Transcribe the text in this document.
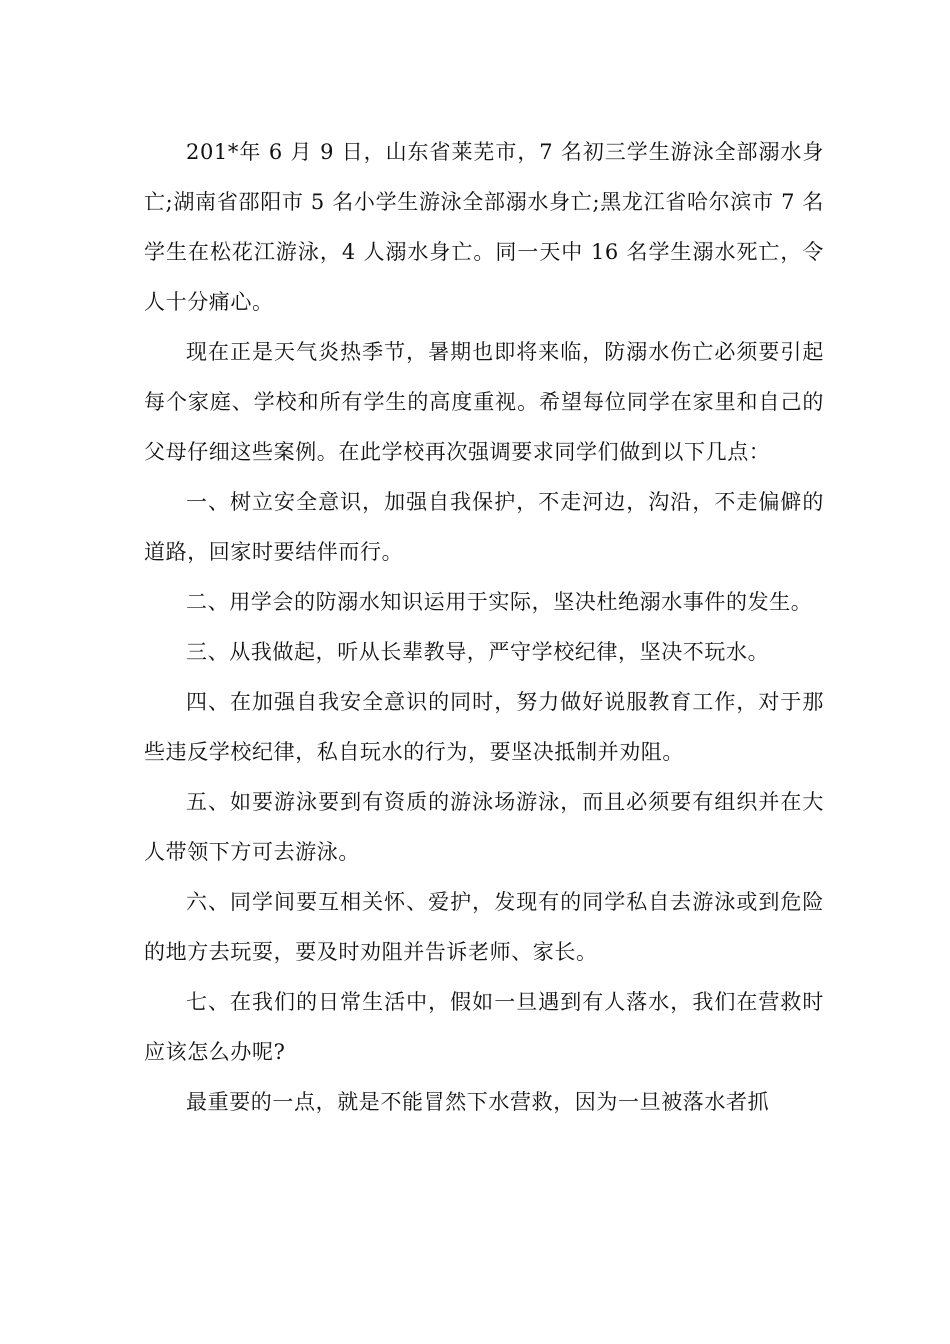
201*年 6 月 9 日，山东省莱芜市，7 名初三学生游泳全部溺水身亡;湖南省邵阳市 5 名小学生游泳全部溺水身亡;黑龙江省哈尔滨市 7 名学生在松花江游泳，4 人溺水身亡。同一天中 16 名学生溺水死亡，令人十分痛心。

现在正是天气炎热季节，暑期也即将来临，防溺水伤亡必须要引起每个家庭、学校和所有学生的高度重视。希望每位同学在家里和自己的父母仔细这些案例。在此学校再次强调要求同学们做到以下几点：

一、树立安全意识，加强自我保护，不走河边，沟沿，不走偏僻的道路，回家时要结伴而行。

二、用学会的防溺水知识运用于实际，坚决杜绝溺水事件的发生。

三、从我做起，听从长辈教导，严守学校纪律，坚决不玩水。

四、在加强自我安全意识的同时，努力做好说服教育工作，对于那些违反学校纪律，私自玩水的行为，要坚决抵制并劝阻。

五、如要游泳要到有资质的游泳场游泳，而且必须要有组织并在大人带领下方可去游泳。

六、同学间要互相关怀、爱护，发现有的同学私自去游泳或到危险的地方去玩耍，要及时劝阻并告诉老师、家长。

七、在我们的日常生活中，假如一旦遇到有人落水，我们在营救时应该怎么办呢?

最重要的一点，就是不能冒然下水营救，因为一旦被落水者抓
